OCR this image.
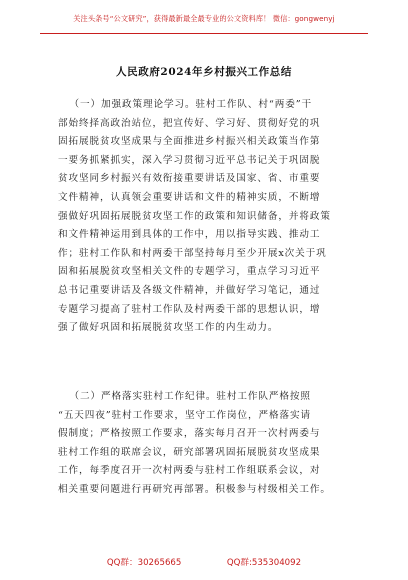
关注头条号“公文研究”，获得最新最全最专业的公文资料库！ 微信：gongwenyj
人民政府2024年乡村振兴工作总结
（一）加强政策理论学习。驻村工作队、村“两委”干
部始终择高政治站位，把宣传好、学习好、贯彻好党的巩
固拓展脱贫攻坚成果与全面推进乡村振兴相关政策当作第
一要务抓紧抓实，深入学习贯彻习近平总书记关于巩固脱
贫攻坚同乡村振兴有效衔接重要讲话及国家、省、市重要
文件精神，认真领会重要讲话和文件的精神实质，不断增
强做好巩固拓展脱贫攻坚工作的政策和知识储备，并将政策
和文件精神运用到具体的工作中，用以指导实践、推动工
作；驻村工作队和村两委干部坚持每月至少开展x次关于巩
固和拓展脱贫攻坚相关文件的专题学习，重点学习习近平
总书记重要讲话及各级文件精神，并做好学习笔记，通过
专题学习提高了驻村工作队及村两委干部的思想认识，增
强了做好巩固和拓展脱贫攻坚工作的内生动力。
（二）严格落实驻村工作纪律。驻村工作队严格按照
“五天四夜”驻村工作要求，坚守工作岗位，严格落实请
假制度；严格按照工作要求，落实每月召开一次村两委与
驻村工作组的联席会议，研究部署巩固拓展脱贫攻坚成果
工作，每季度召开一次村两委与驻村工作组联系会议，对
相关重要问题进行再研究再部署。积极参与村级相关工作。
QQ群：30265665	QQ群:535304092
